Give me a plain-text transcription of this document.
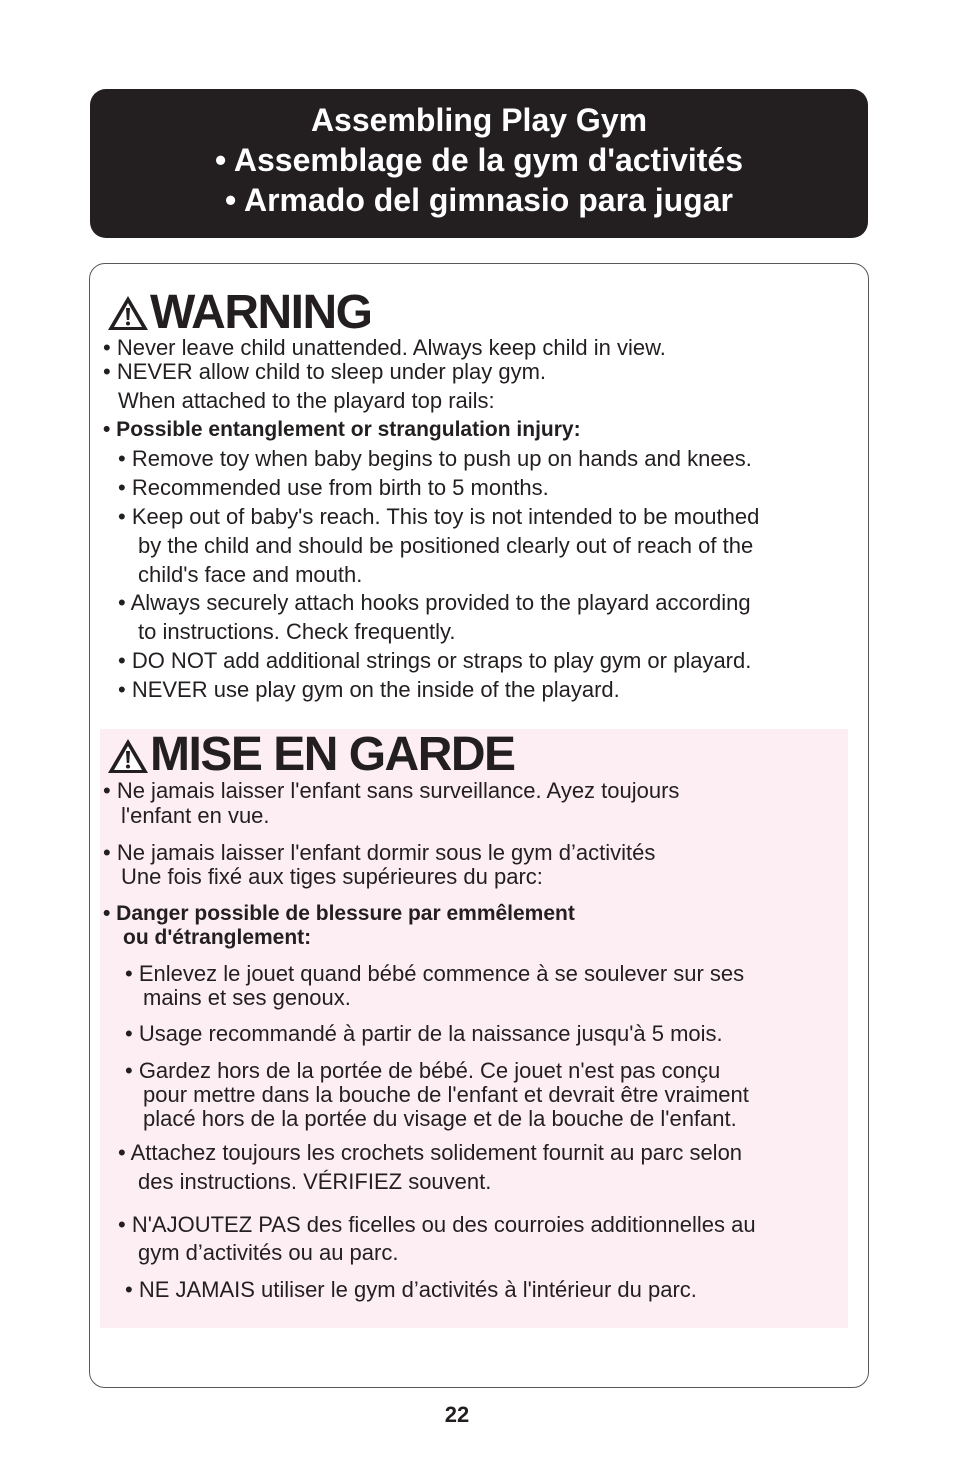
Assembling Play Gym
• Assemblage de la gym d'activités
• Armado del gimnasio para jugar
WARNING
• Never leave child unattended. Always keep child in view.
• NEVER allow child to sleep under play gym.
When attached to the playard top rails:
• Possible entanglement or strangulation injury:
• Remove toy when baby begins to push up on hands and knees.
• Recommended use from birth to 5 months.
• Keep out of baby's reach. This toy is not intended to be mouthed
by the child and should be positioned clearly out of reach of the
child's face and mouth.
• Always securely attach hooks provided to the playard according
to instructions. Check frequently.
• DO NOT add additional strings or straps to play gym or playard.
• NEVER use play gym on the inside of the playard.
MISE EN GARDE
• Ne jamais laisser l'enfant sans surveillance. Ayez toujours
l'enfant en vue.
• Ne jamais laisser l'enfant dormir sous le gym d’activités
Une fois fixé aux tiges supérieures du parc:
• Danger possible de blessure par emmêlement
ou d'étranglement:
• Enlevez le jouet quand bébé commence à se soulever sur ses
mains et ses genoux.
• Usage recommandé à partir de la naissance jusqu'à 5 mois.
• Gardez hors de la portée de bébé. Ce jouet n'est pas conçu
pour mettre dans la bouche de l'enfant et devrait être vraiment
placé hors de la portée du visage et de la bouche de l'enfant.
• Attachez toujours les crochets solidement fournit au parc selon
des instructions. VÉRIFIEZ souvent.
• N'AJOUTEZ PAS des ficelles ou des courroies additionnelles au
gym d’activités ou au parc.
• NE JAMAIS utiliser le gym d’activités à l'intérieur du parc.
22
